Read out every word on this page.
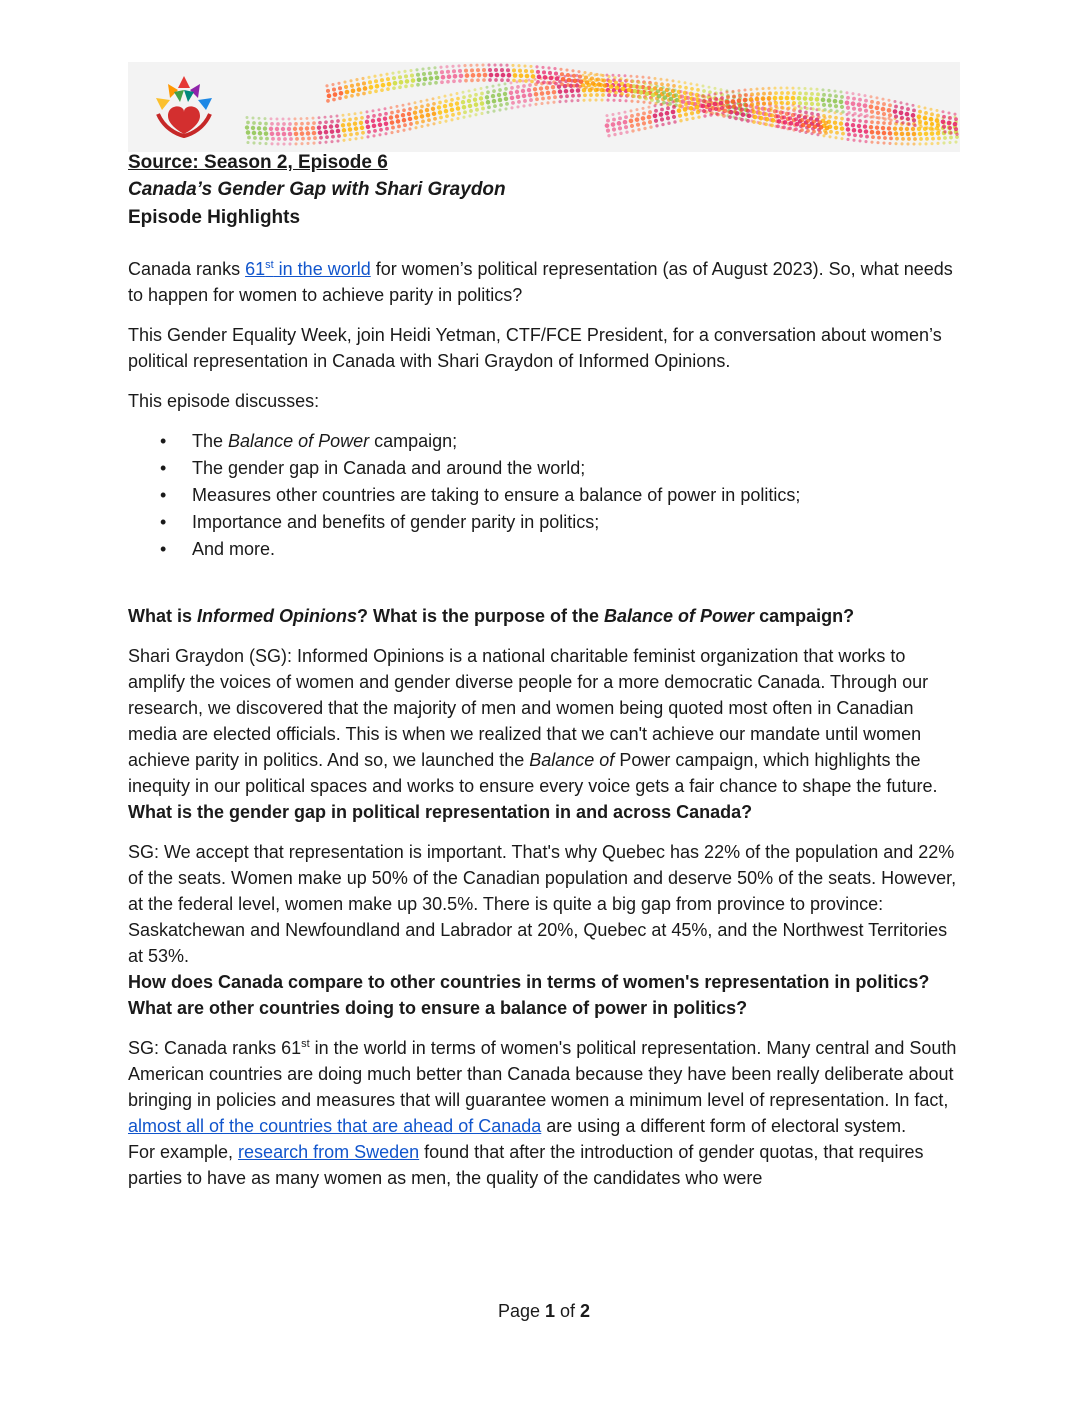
Source: Season 2, Episode 6

Canada’s Gender Gap with Shari Graydon

Episode Highlights

Canada ranks 61st in the world for women’s political representation (as of August 2023). So, what needs to happen for women to achieve parity in politics?

This Gender Equality Week, join Heidi Yetman, CTF/FCE President, for a conversation about women’s political representation in Canada with Shari Graydon of Informed Opinions.

This episode discusses:

• The Balance of Power campaign;
• The gender gap in Canada and around the world;
• Measures other countries are taking to ensure a balance of power in politics;
• Importance and benefits of gender parity in politics;
• And more.

What is Informed Opinions? What is the purpose of the Balance of Power campaign?

Shari Graydon (SG): Informed Opinions is a national charitable feminist organization that works to amplify the voices of women and gender diverse people for a more democratic Canada. Through our research, we discovered that the majority of men and women being quoted most often in Canadian media are elected officials. This is when we realized that we can't achieve our mandate until women achieve parity in politics. And so, we launched the Balance of Power campaign, which highlights the inequity in our political spaces and works to ensure every voice gets a fair chance to shape the future.

What is the gender gap in political representation in and across Canada?

SG: We accept that representation is important. That's why Quebec has 22% of the population and 22% of the seats. Women make up 50% of the Canadian population and deserve 50% of the seats. However, at the federal level, women make up 30.5%. There is quite a big gap from province to province: Saskatchewan and Newfoundland and Labrador at 20%, Quebec at 45%, and the Northwest Territories at 53%.

How does Canada compare to other countries in terms of women's representation in politics? What are other countries doing to ensure a balance of power in politics?

SG: Canada ranks 61st in the world in terms of women's political representation. Many central and South American countries are doing much better than Canada because they have been really deliberate about bringing in policies and measures that will guarantee women a minimum level of representation. In fact, almost all of the countries that are ahead of Canada are using a different form of electoral system.

For example, research from Sweden found that after the introduction of gender quotas, that requires parties to have as many women as men, the quality of the candidates who were

Page 1 of 2
